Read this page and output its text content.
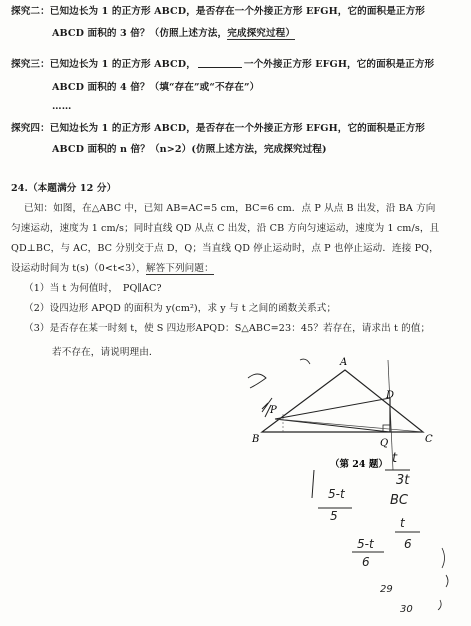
探究二：已知边长为 1 的正方形 ABCD，是否存在一个外接正方形 EFGH，它的面积是正方形
ABCD 面积的 3 倍？（仿照上述方法，完成探究过程）
探究三：已知边长为 1 的正方形 ABCD，	一个外接正方形 EFGH，它的面积是正方形
ABCD 面积的 4 倍？（填“存在”或“不存在”）
……
探究四：已知边长为 1 的正方形 ABCD，是否存在一个外接正方形 EFGH，它的面积是正方形
ABCD 面积的 n 倍？（n>2）(仿照上述方法，完成探究过程)
24.（本题满分 12 分）
已知：如图，在△ABC 中，已知 AB=AC=5 cm，BC=6 cm．点 P 从点 B 出发，沿 BA 方向
匀速运动，速度为 1 cm/s；同时直线 QD 从点 C 出发，沿 CB 方向匀速运动，速度为 1 cm/s，且
QD⊥BC，与 AC，BC 分别交于点 D，Q；当直线 QD 停止运动时，点 P 也停止运动．连接 PQ，
设运动时间为 t(s)（0<t<3），解答下列问题：
（1）当 t 为何值时，　PQ∥AC?
（2）设四边形 APQD 的面积为 y(cm²)，求 y 与 t 之间的函数关系式；
（3）是否存在某一时刻 t，使 S 四边形APQD：S△ABC=23：45？若存在，请求出 t 的值；
若不存在，请说明理由．
A
B	C
D
P
Q
（第 24 题） t
3t
BC
5-t
5	t
5-t
6
6
29
30
